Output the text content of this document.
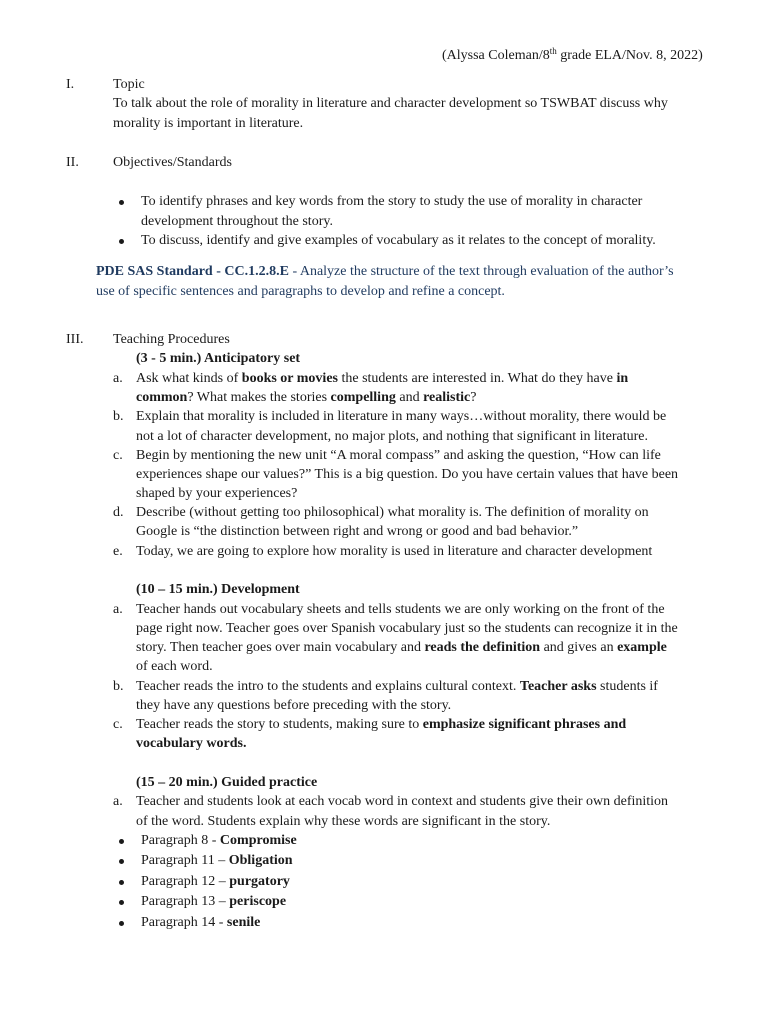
(Alyssa Coleman/8th grade ELA/Nov. 8, 2022)
I.	Topic
To talk about the role of morality in literature and character development so TSWBAT discuss why
morality is important in literature.
II. Objectives/Standards
To identify phrases and key words from the story to study the use of morality in character
development throughout the story.
To discuss, identify and give examples of vocabulary as it relates to the concept of morality.
PDE SAS Standard - CC.1.2.8.E - Analyze the structure of the text through evaluation of the author’s
use of specific sentences and paragraphs to develop and refine a concept.
III. Teaching Procedures
(3 - 5 min.) Anticipatory set
a. Ask what kinds of books or movies the students are interested in. What do they have in
common? What makes the stories compelling and realistic?
b. Explain that morality is included in literature in many ways…without morality, there would be
not a lot of character development, no major plots, and nothing that significant in literature.
c. Begin by mentioning the new unit “A moral compass” and asking the question, “How can life
experiences shape our values?” This is a big question. Do you have certain values that have been
shaped by your experiences?
d. Describe (without getting too philosophical) what morality is. The definition of morality on
Google is “the distinction between right and wrong or good and bad behavior.”
e. Today, we are going to explore how morality is used in literature and character development
(10 – 15 min.) Development
a. Teacher hands out vocabulary sheets and tells students we are only working on the front of the
page right now. Teacher goes over Spanish vocabulary just so the students can recognize it in the
story. Then teacher goes over main vocabulary and reads the definition and gives an example
of each word.
b. Teacher reads the intro to the students and explains cultural context. Teacher asks students if
they have any questions before preceding with the story.
c. Teacher reads the story to students, making sure to emphasize significant phrases and
vocabulary words.
(15 – 20 min.) Guided practice
a. Teacher and students look at each vocab word in context and students give their own definition
of the word. Students explain why these words are significant in the story.
Paragraph 8 - Compromise
Paragraph 11 – Obligation
Paragraph 12 – purgatory
Paragraph 13 – periscope
Paragraph 14 - senile
